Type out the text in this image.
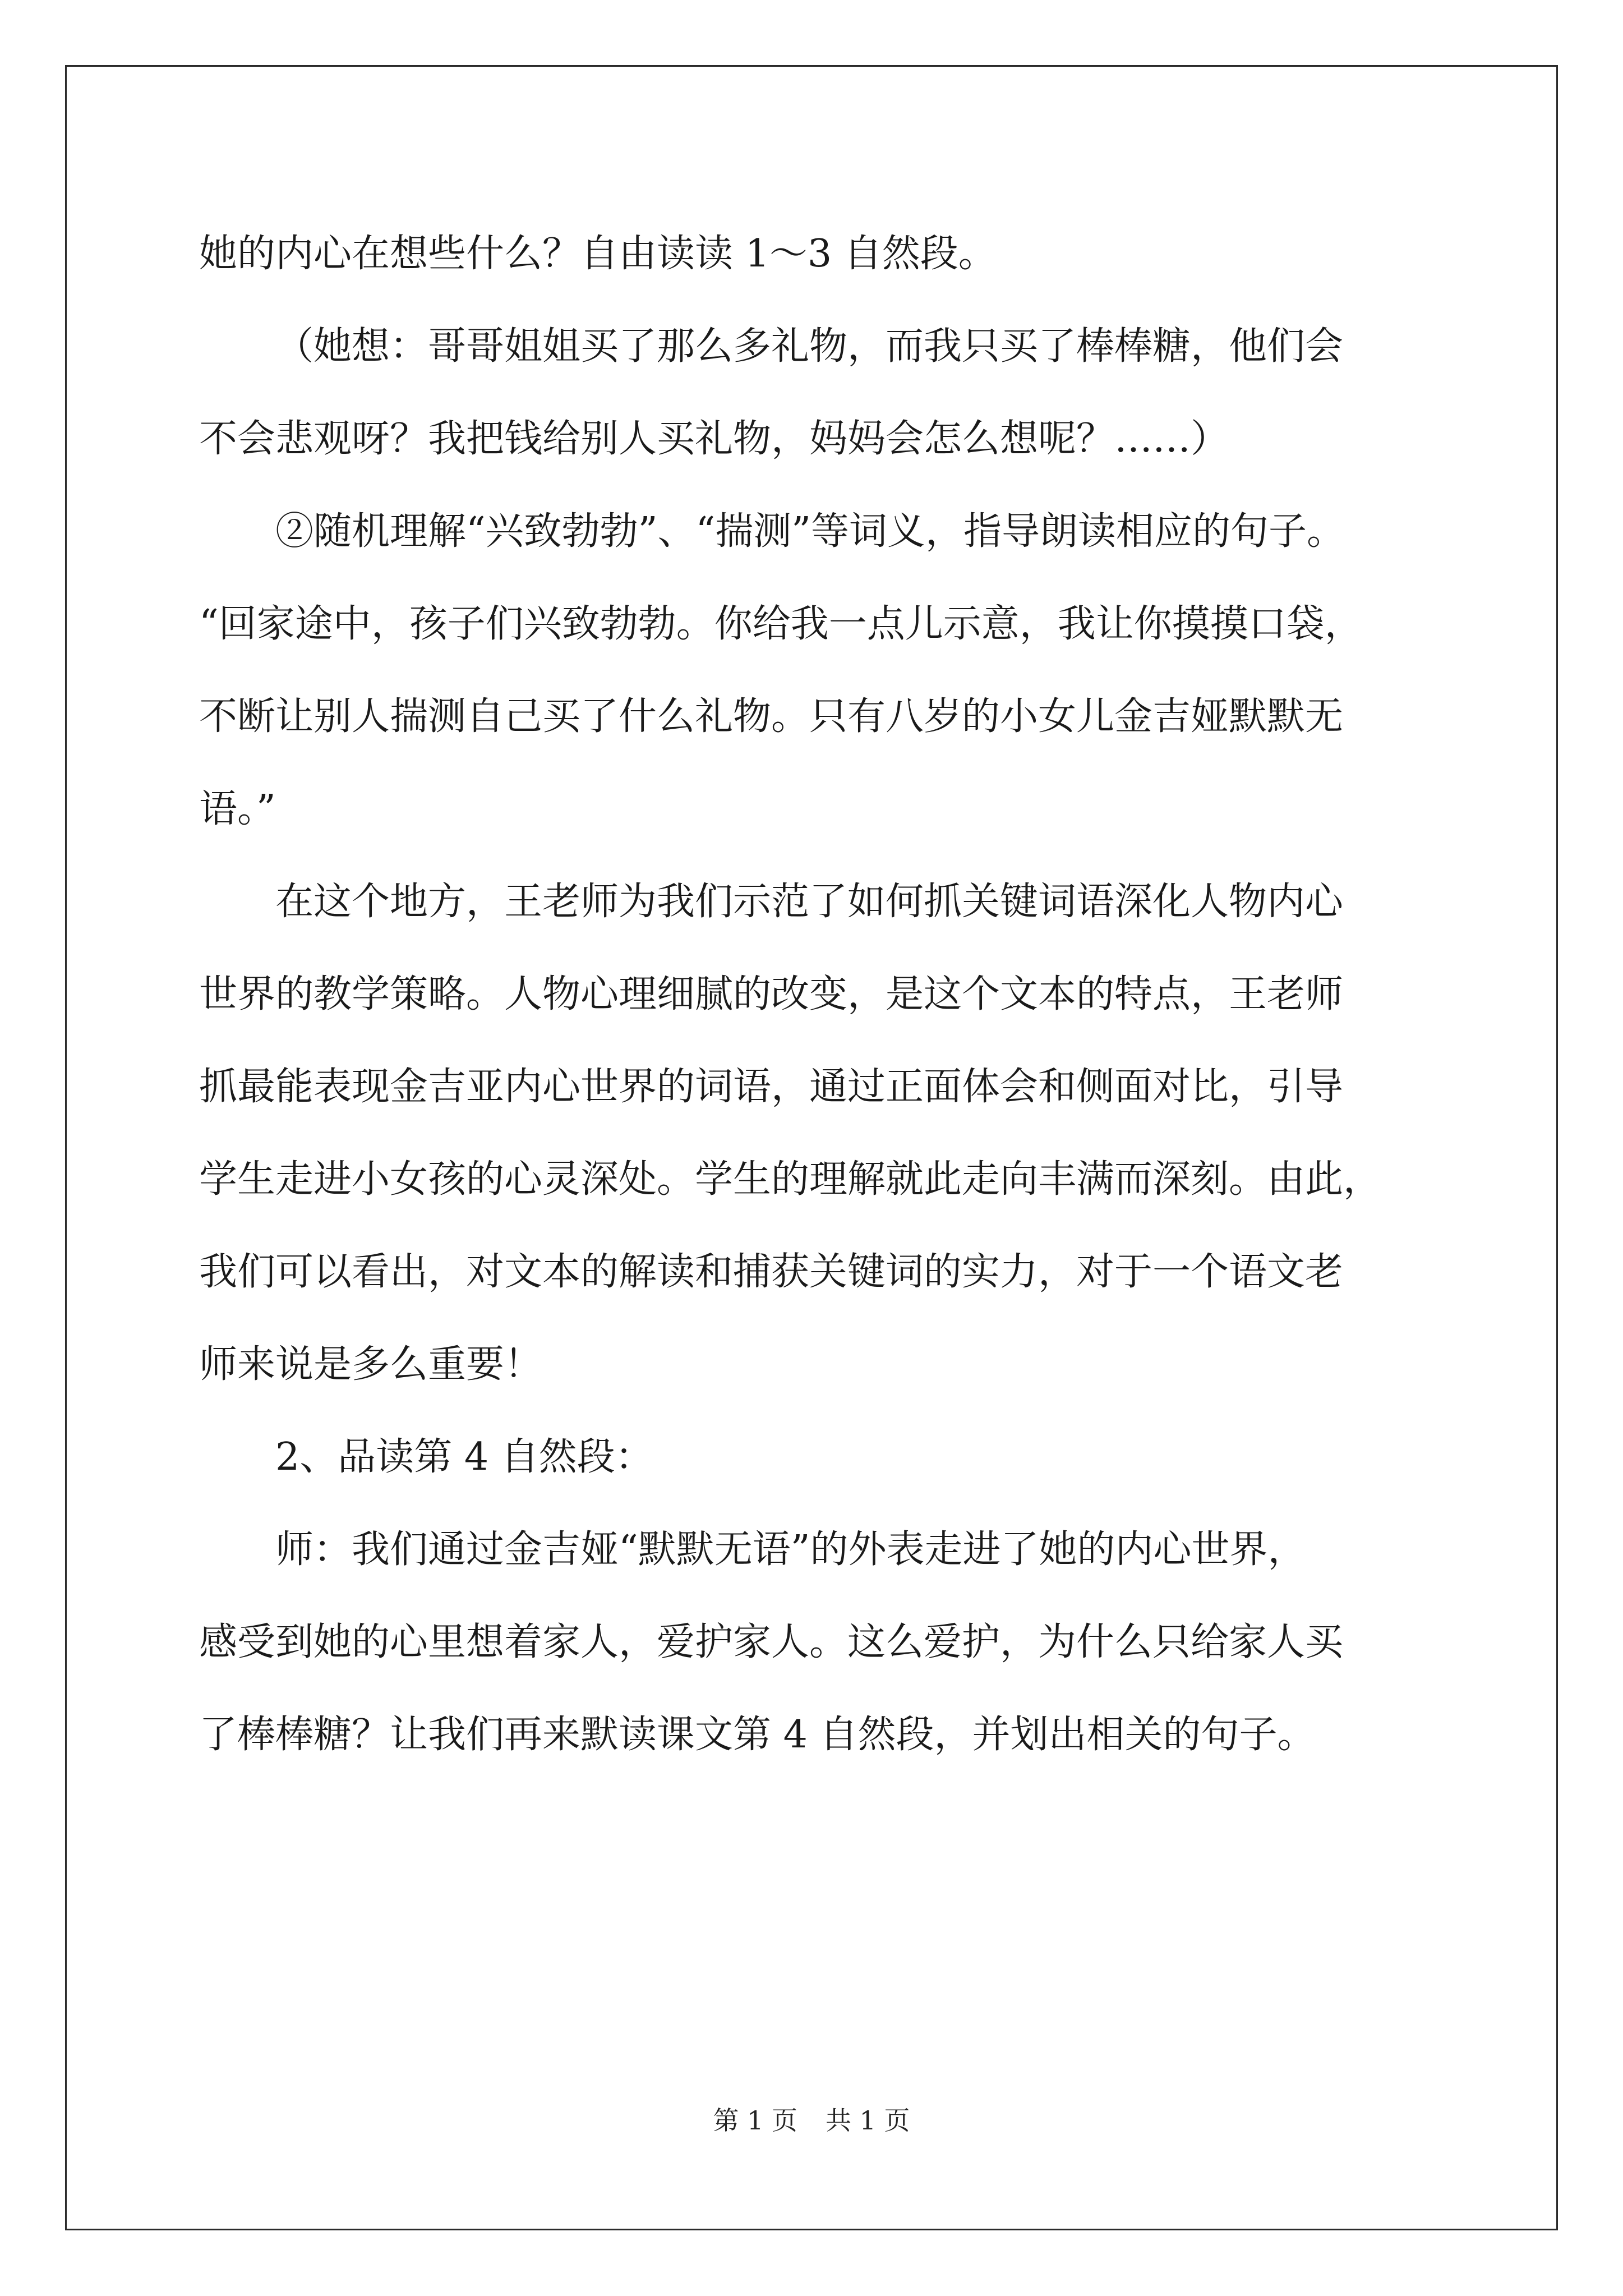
她的内心在想些什么？自由读读 1～3 自然段。
（她想：哥哥姐姐买了那么多礼物，而我只买了棒棒糖，他们会
不会悲观呀？我把钱给别人买礼物，妈妈会怎么想呢？……）
②随机理解“兴致勃勃”、“揣测”等词义，指导朗读相应的句子。
“回家途中，孩子们兴致勃勃。你给我一点儿示意，我让你摸摸口袋，
不断让别人揣测自己买了什么礼物。只有八岁的小女儿金吉娅默默无
语。”
在这个地方，王老师为我们示范了如何抓关键词语深化人物内心
世界的教学策略。人物心理细腻的改变，是这个文本的特点，王老师
抓最能表现金吉亚内心世界的词语，通过正面体会和侧面对比，引导
学生走进小女孩的心灵深处。学生的理解就此走向丰满而深刻。由此，
我们可以看出，对文本的解读和捕获关键词的实力，对于一个语文老
师来说是多么重要！
2、品读第 4 自然段：
师：我们通过金吉娅“默默无语”的外表走进了她的内心世界，
感受到她的心里想着家人，爱护家人。这么爱护，为什么只给家人买
了棒棒糖？让我们再来默读课文第 4 自然段，并划出相关的句子。
第 1 页 共 1 页
